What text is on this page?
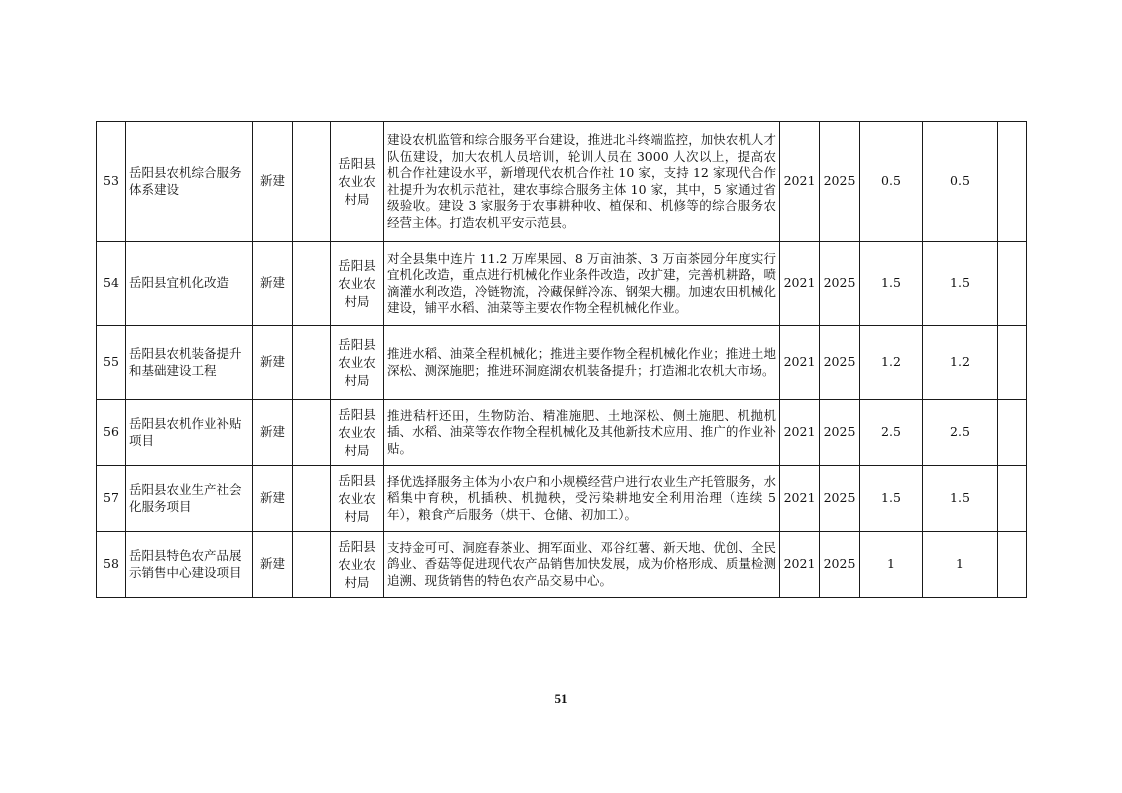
53	岳阳县农机综合服务体系建设	新建		岳阳县农业农村局	建设农机监管和综合服务平台建设，推进北斗终端监控，加快农机人才队伍建设，加大农机人员培训，轮训人员在 3000 人次以上，提高农机合作社建设水平，新增现代农机合作社 10 家，支持 12 家现代合作社提升为农机示范社，建农事综合服务主体 10 家，其中，5 家通过省级验收。建设 3 家服务于农事耕种收、植保和、机修等的综合服务农经营主体。打造农机平安示范县。	2021	2025	0.5	0.5	
54	岳阳县宜机化改造	新建		岳阳县农业农村局	对全县集中连片 11.2 万库果园、8 万亩油茶、3 万亩茶园分年度实行宜机化改造，重点进行机械化作业条件改造，改扩建，完善机耕路，喷滴灌水利改造，冷链物流，冷藏保鲜冷冻、钢架大棚。加速农田机械化建设，铺平水稻、油菜等主要农作物全程机械化作业。	2021	2025	1.5	1.5	
55	岳阳县农机装备提升和基础建设工程	新建		岳阳县农业农村局	推进水稻、油菜全程机械化；推进主要作物全程机械化作业；推进土地深松、测深施肥；推进环洞庭湖农机装备提升；打造湘北农机大市场。	2021	2025	1.2	1.2	
56	岳阳县农机作业补贴项目	新建		岳阳县农业农村局	推进秸杆还田，生物防治、精准施肥、土地深松、侧土施肥、机抛机插、水稻、油菜等农作物全程机械化及其他新技术应用、推广的作业补贴。	2021	2025	2.5	2.5	
57	岳阳县农业生产社会化服务项目	新建		岳阳县农业农村局	择优选择服务主体为小农户和小规模经营户进行农业生产托管服务，水稻集中育秧，机插秧、机抛秧，受污染耕地安全利用治理（连续 5 年），粮食产后服务（烘干、仓储、初加工）。	2021	2025	1.5	1.5	
58	岳阳县特色农产品展示销售中心建设项目	新建		岳阳县农业农村局	支持金可可、洞庭春茶业、拥军面业、邓谷红薯、新天地、优创、全民鸽业、香菇等促进现代农产品销售加快发展，成为价格形成、质量检测追溯、现货销售的特色农产品交易中心。	2021	2025	1	1	
51
